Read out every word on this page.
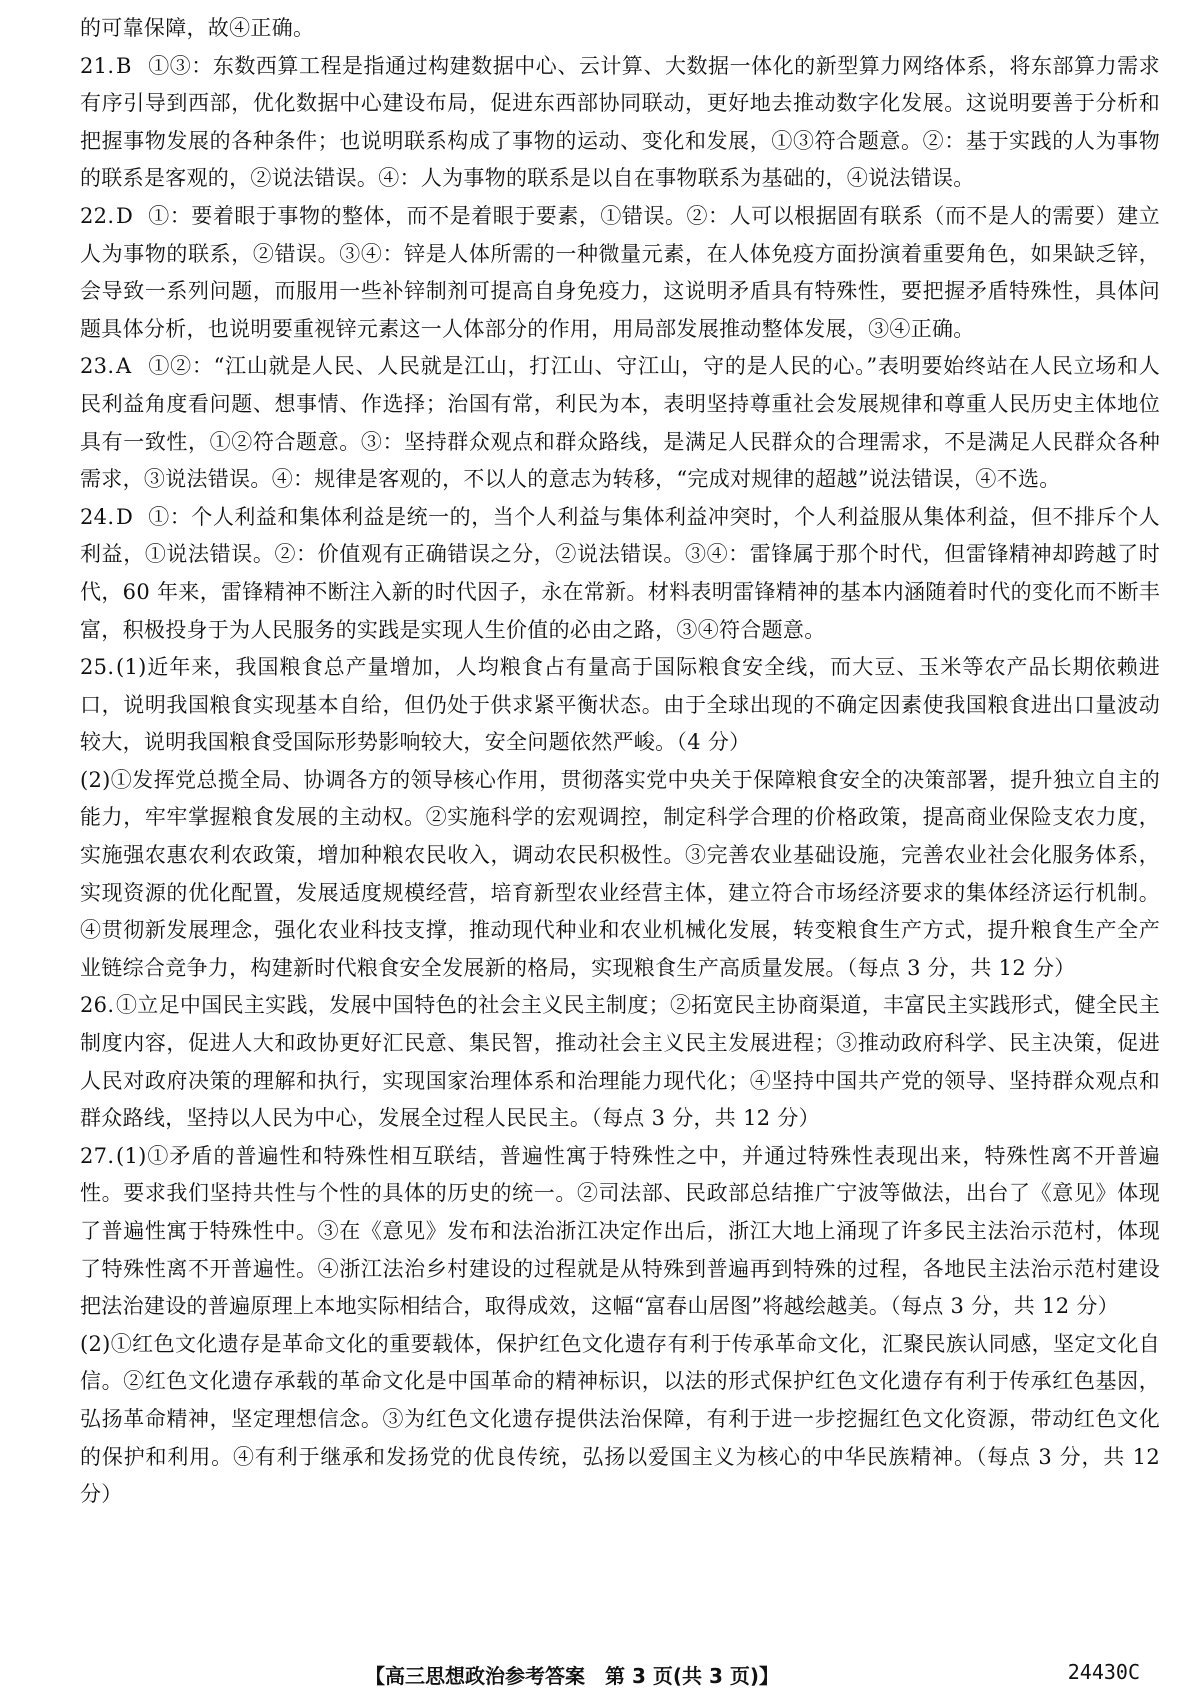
的可靠保障，故④正确。
21.B ①③：东数西算工程是指通过构建数据中心、云计算、大数据一体化的新型算力网络体系，将东部算力需求有序引导到西部，优化数据中心建设布局，促进东西部协同联动，更好地去推动数字化发展。这说明要善于分析和把握事物发展的各种条件；也说明联系构成了事物的运动、变化和发展，①③符合题意。②：基于实践的人为事物的联系是客观的，②说法错误。④：人为事物的联系是以自在事物联系为基础的，④说法错误。
22.D ①：要着眼于事物的整体，而不是着眼于要素，①错误。②：人可以根据固有联系（而不是人的需要）建立人为事物的联系，②错误。③④：锌是人体所需的一种微量元素，在人体免疫方面扮演着重要角色，如果缺乏锌，会导致一系列问题，而服用一些补锌制剂可提高自身免疫力，这说明矛盾具有特殊性，要把握矛盾特殊性，具体问题具体分析，也说明要重视锌元素这一人体部分的作用，用局部发展推动整体发展，③④正确。
23.A ①②：“江山就是人民、人民就是江山，打江山、守江山，守的是人民的心。”表明要始终站在人民立场和人民利益角度看问题、想事情、作选择；治国有常，利民为本，表明坚持尊重社会发展规律和尊重人民历史主体地位具有一致性，①②符合题意。③：坚持群众观点和群众路线，是满足人民群众的合理需求，不是满足人民群众各种需求，③说法错误。④：规律是客观的，不以人的意志为转移，“完成对规律的超越”说法错误，④不选。
24.D ①：个人利益和集体利益是统一的，当个人利益与集体利益冲突时，个人利益服从集体利益，但不排斥个人利益，①说法错误。②：价值观有正确错误之分，②说法错误。③④：雷锋属于那个时代，但雷锋精神却跨越了时代，60 年来，雷锋精神不断注入新的时代因子，永在常新。材料表明雷锋精神的基本内涵随着时代的变化而不断丰富，积极投身于为人民服务的实践是实现人生价值的必由之路，③④符合题意。
25.(1)近年来，我国粮食总产量增加，人均粮食占有量高于国际粮食安全线，而大豆、玉米等农产品长期依赖进口，说明我国粮食实现基本自给，但仍处于供求紧平衡状态。由于全球出现的不确定因素使我国粮食进出口量波动较大，说明我国粮食受国际形势影响较大，安全问题依然严峻。（4 分）
(2)①发挥党总揽全局、协调各方的领导核心作用，贯彻落实党中央关于保障粮食安全的决策部署，提升独立自主的能力，牢牢掌握粮食发展的主动权。②实施科学的宏观调控，制定科学合理的价格政策，提高商业保险支农力度，实施强农惠农利农政策，增加种粮农民收入，调动农民积极性。③完善农业基础设施，完善农业社会化服务体系，实现资源的优化配置，发展适度规模经营，培育新型农业经营主体，建立符合市场经济要求的集体经济运行机制。④贯彻新发展理念，强化农业科技支撑，推动现代种业和农业机械化发展，转变粮食生产方式，提升粮食生产全产业链综合竞争力，构建新时代粮食安全发展新的格局，实现粮食生产高质量发展。（每点 3 分，共 12 分）
26.①立足中国民主实践，发展中国特色的社会主义民主制度；②拓宽民主协商渠道，丰富民主实践形式，健全民主制度内容，促进人大和政协更好汇民意、集民智，推动社会主义民主发展进程；③推动政府科学、民主决策，促进人民对政府决策的理解和执行，实现国家治理体系和治理能力现代化；④坚持中国共产党的领导、坚持群众观点和群众路线，坚持以人民为中心，发展全过程人民民主。（每点 3 分，共 12 分）
27.(1)①矛盾的普遍性和特殊性相互联结，普遍性寓于特殊性之中，并通过特殊性表现出来，特殊性离不开普遍性。要求我们坚持共性与个性的具体的历史的统一。②司法部、民政部总结推广宁波等做法，出台了《意见》体现了普遍性寓于特殊性中。③在《意见》发布和法治浙江决定作出后，浙江大地上涌现了许多民主法治示范村，体现了特殊性离不开普遍性。④浙江法治乡村建设的过程就是从特殊到普遍再到特殊的过程，各地民主法治示范村建设把法治建设的普遍原理上本地实际相结合，取得成效，这幅“富春山居图”将越绘越美。（每点 3 分，共 12 分）
(2)①红色文化遗存是革命文化的重要载体，保护红色文化遗存有利于传承革命文化，汇聚民族认同感，坚定文化自信。②红色文化遗存承载的革命文化是中国革命的精神标识，以法的形式保护红色文化遗存有利于传承红色基因，弘扬革命精神，坚定理想信念。③为红色文化遗存提供法治保障，有利于进一步挖掘红色文化资源，带动红色文化的保护和利用。④有利于继承和发扬党的优良传统，弘扬以爱国主义为核心的中华民族精神。（每点 3 分，共 12 分）
【高三思想政治参考答案　第 3 页(共 3 页)】	24430C
